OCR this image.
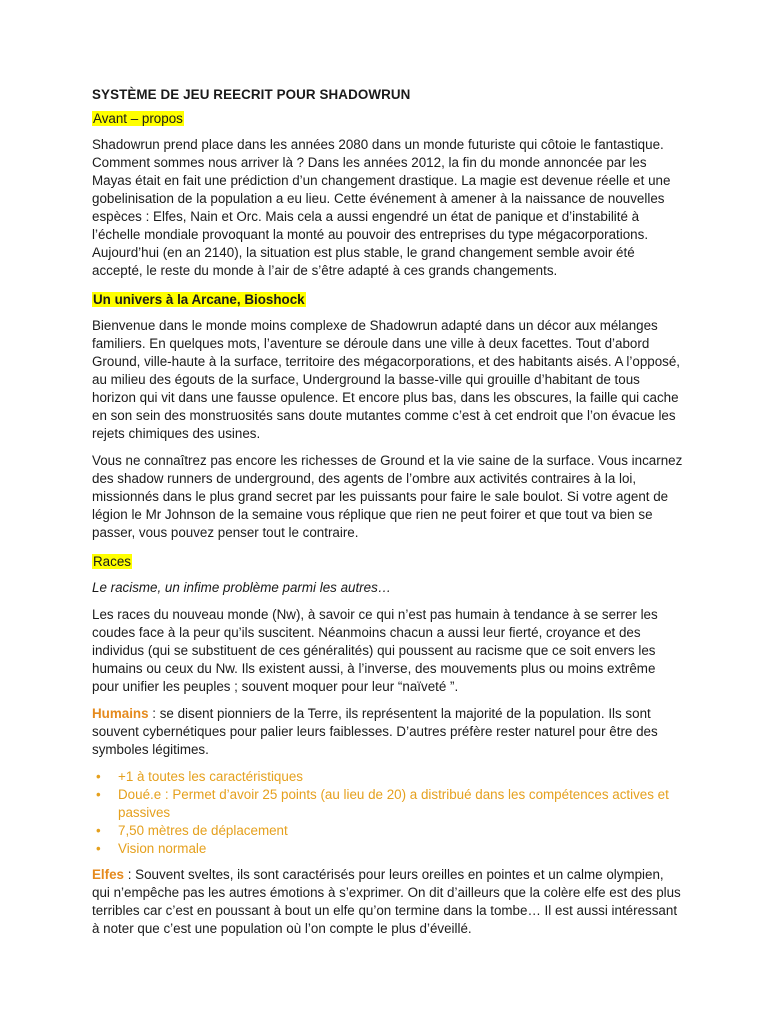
SYSTÈME DE JEU REECRIT POUR SHADOWRUN
Avant – propos

Shadowrun prend place dans les années 2080 dans un monde futuriste qui côtoie le fantastique. Comment sommes nous arriver là ? Dans les années 2012, la fin du monde annoncée par les Mayas était en fait une prédiction d’un changement drastique. La magie est devenue réelle et une gobelinisation de la population a eu lieu. Cette événement à amener à la naissance de nouvelles espèces : Elfes, Nain et Orc. Mais cela a aussi engendré un état de panique et d’instabilité à l’échelle mondiale provoquant la monté au pouvoir des entreprises du type mégacorporations. Aujourd’hui (en an 2140), la situation est plus stable, le grand changement semble avoir été accepté, le reste du monde à l’air de s’être adapté à ces grands changements.

Un univers à la Arcane, Bioshock

Bienvenue dans le monde moins complexe de Shadowrun adapté dans un décor aux mélanges familiers. En quelques mots, l’aventure se déroule dans une ville à deux facettes. Tout d’abord Ground, ville-haute à la surface, territoire des mégacorporations, et des habitants aisés. A l’opposé, au milieu des égouts de la surface, Underground la basse-ville qui grouille d’habitant de tous horizon qui vit dans une fausse opulence. Et encore plus bas, dans les obscures, la faille qui cache en son sein des monstruosités sans doute mutantes comme c’est à cet endroit que l’on évacue les rejets chimiques des usines.

Vous ne connaîtrez pas encore les richesses de Ground et la vie saine de la surface. Vous incarnez des shadow runners de underground, des agents de l’ombre aux activités contraires à la loi, missionnés dans le plus grand secret par les puissants pour faire le sale boulot. Si votre agent de légion le Mr Johnson de la semaine vous réplique que rien ne peut foirer et que tout va bien se passer, vous pouvez penser tout le contraire.

Races

Le racisme, un infime problème parmi les autres…

Les races du nouveau monde (Nw), à savoir ce qui n’est pas humain à tendance à se serrer les coudes face à la peur qu’ils suscitent. Néanmoins chacun a aussi leur fierté, croyance et des individus (qui se substituent de ces généralités) qui poussent au racisme que ce soit envers les humains ou ceux du Nw. Ils existent aussi, à l’inverse, des mouvements plus ou moins extrême pour unifier les peuples ; souvent moquer pour leur “naïveté ”.

Humains : se disent pionniers de la Terre, ils représentent la majorité de la population. Ils sont souvent cybernétiques pour palier leurs faiblesses. D’autres préfère rester naturel pour être des symboles légitimes.

• +1 à toutes les caractéristiques
• Doué.e : Permet d’avoir 25 points (au lieu de 20) a distribué dans les compétences actives et passives
• 7,50 mètres de déplacement
• Vision normale

Elfes : Souvent sveltes, ils sont caractérisés pour leurs oreilles en pointes et un calme olympien, qui n’empêche pas les autres émotions à s’exprimer. On dit d’ailleurs que la colère elfe est des plus terribles car c’est en poussant à bout un elfe qu’on termine dans la tombe… Il est aussi intéressant à noter que c’est une population où l’on compte le plus d’éveillé.
